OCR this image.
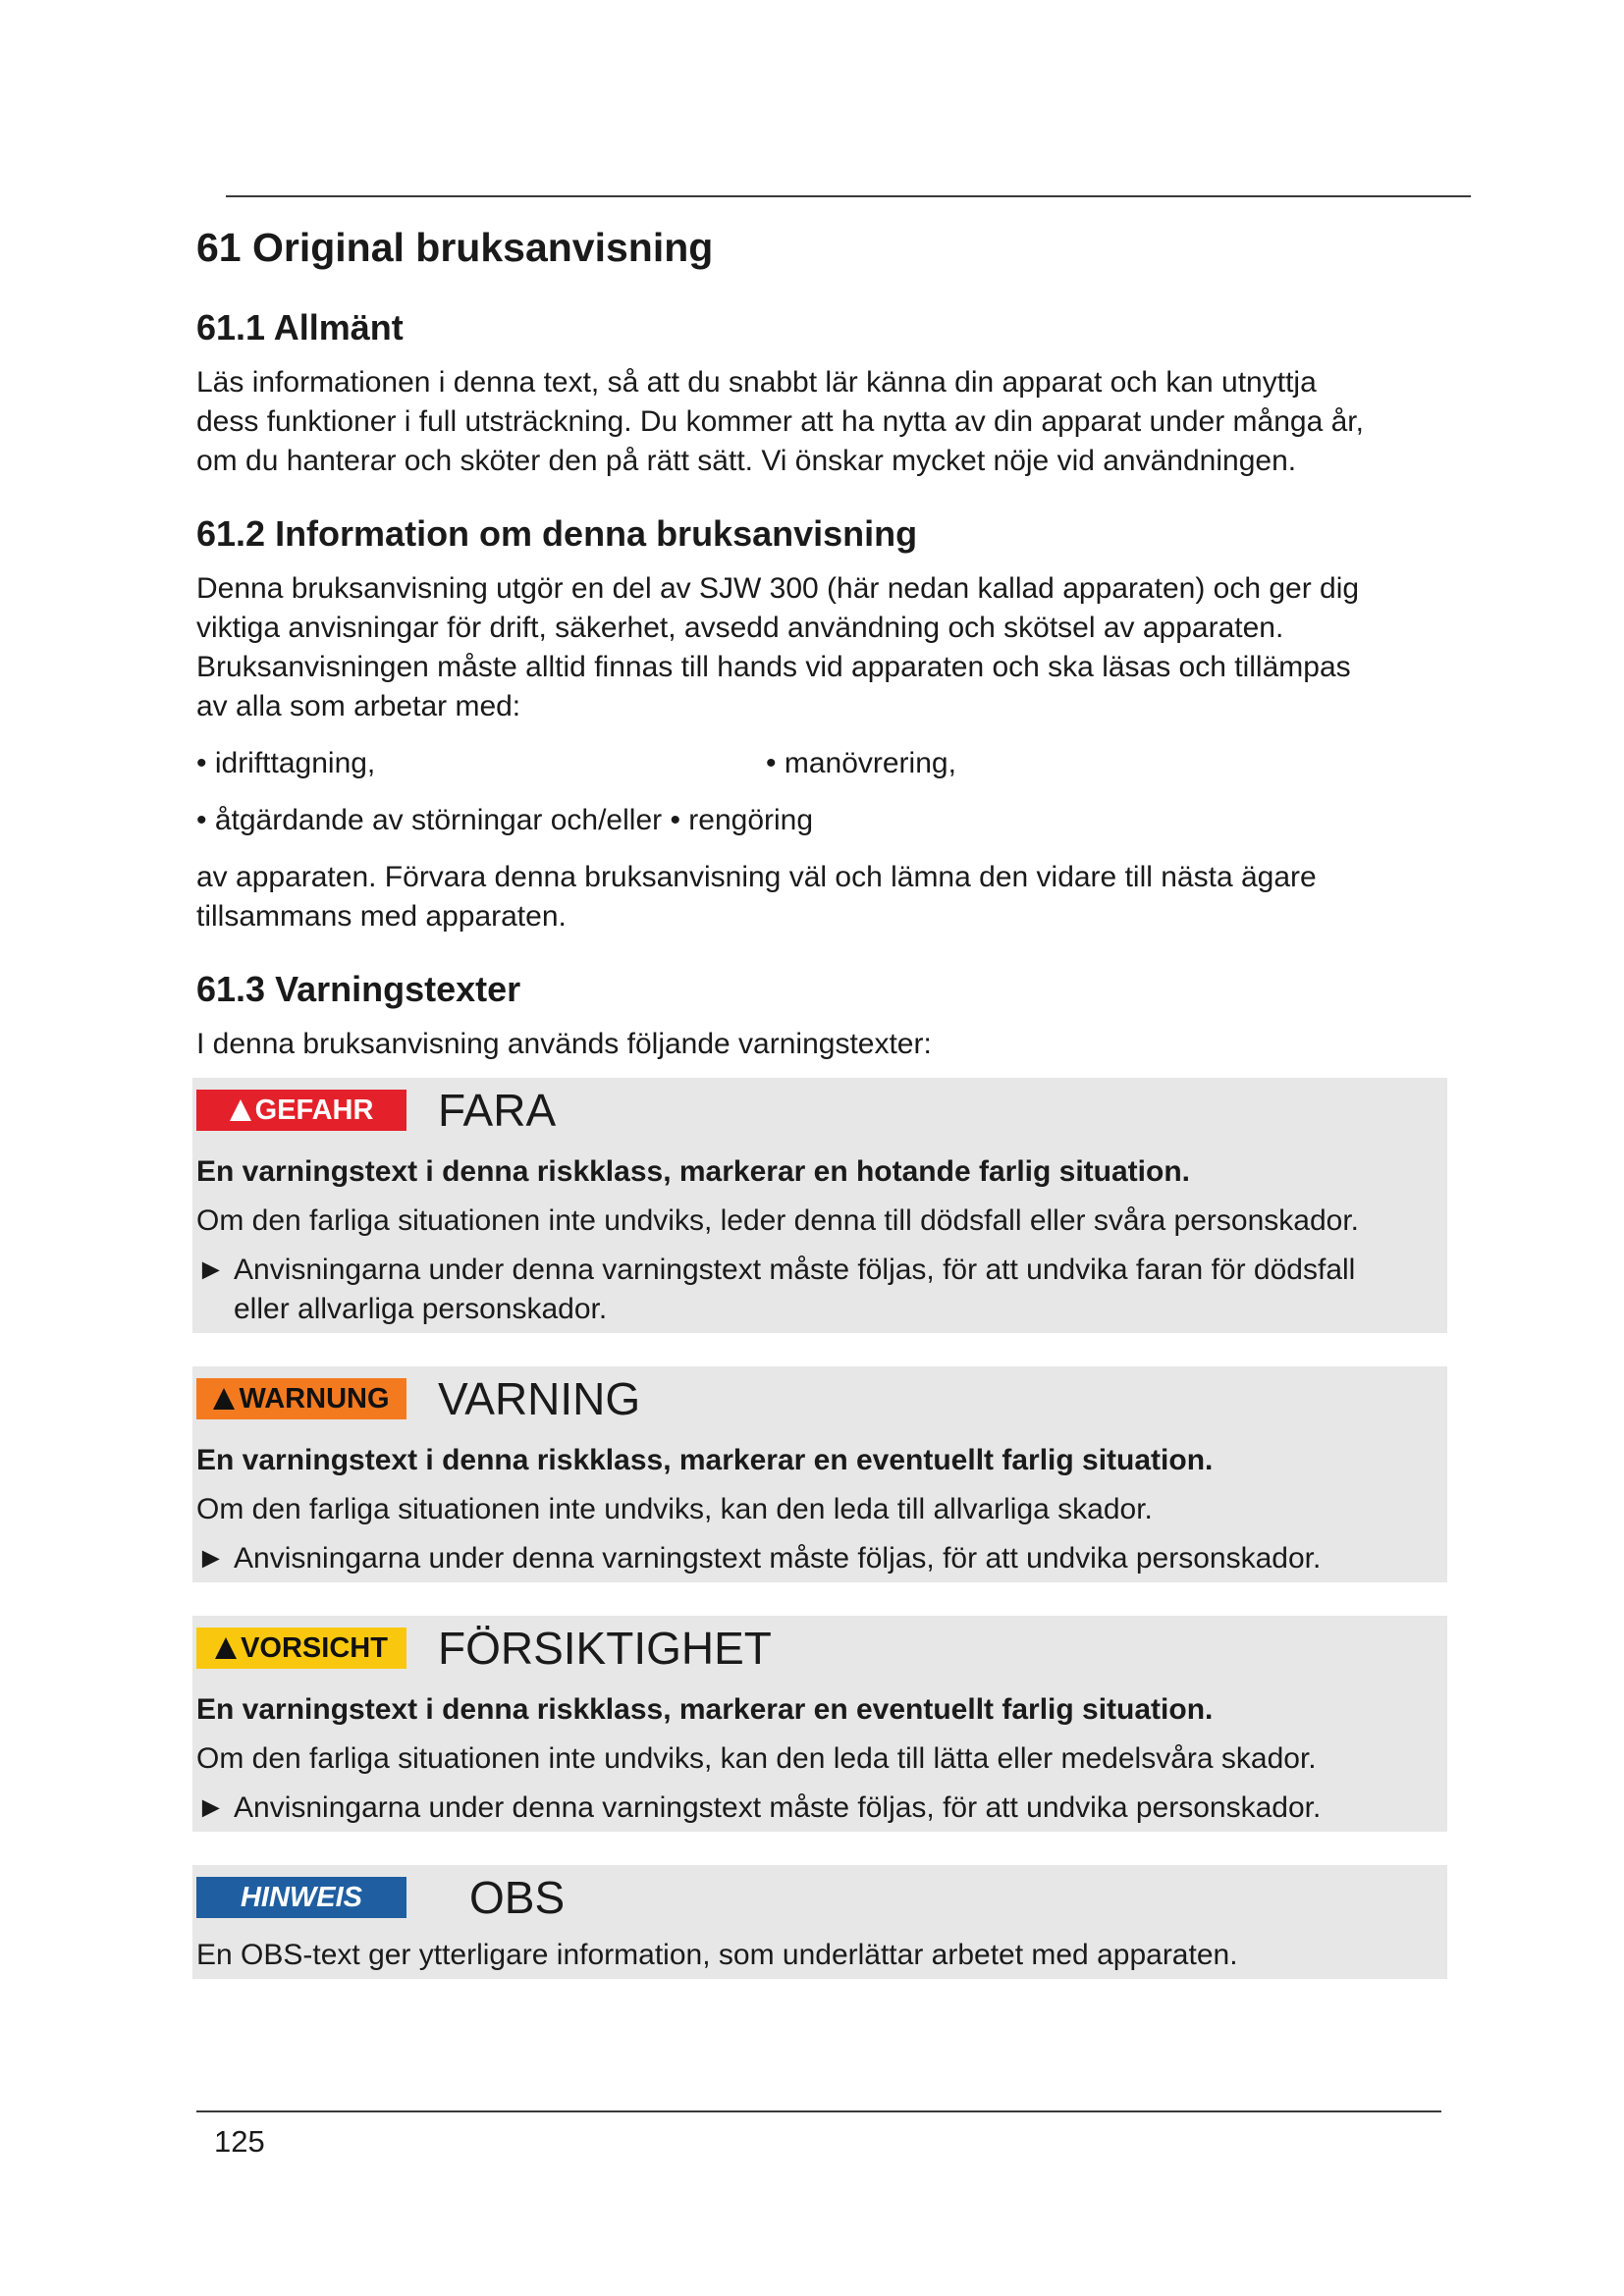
61 Original bruksanvisning
61.1 Allmänt

Läs informationen i denna text, så att du snabbt lär känna din apparat och kan utnyttja

dess funktioner i full utsträckning. Du kommer att ha nytta av din apparat under många år,

om du hanterar och sköter den på rätt sätt. Vi önskar mycket nöje vid användningen.

61.2 Information om denna bruksanvisning

Denna bruksanvisning utgör en del av SJW 300 (här nedan kallad apparaten) och ger dig

viktiga anvisningar för drift, säkerhet, avsedd användning och skötsel av apparaten.

Bruksanvisningen måste alltid finnas till hands vid apparaten och ska läsas och tillämpas

av alla som arbetar med:

• idrifttagning,	• manövrering,
• åtgärdande av störningar och/eller • rengöring

av apparaten. Förvara denna bruksanvisning väl och lämna den vidare till nästa ägare

tillsammans med apparaten.

61.3 Varningstexter

I denna bruksanvisning används följande varningstexter:

GEFAHR FARA
En varningstext i denna riskklass, markerar en hotande farlig situation.
Om den farliga situationen inte undviks, leder denna till dödsfall eller svåra personskador.
► Anvisningarna under denna varningstext måste följas, för att undvika faran för dödsfall
eller allvarliga personskador.
WARNUNG VARNING
En varningstext i denna riskklass, markerar en eventuellt farlig situation.
Om den farliga situationen inte undviks, kan den leda till allvarliga skador.
► Anvisningarna under denna varningstext måste följas, för att undvika personskador.
VORSICHT FÖRSIKTIGHET
En varningstext i denna riskklass, markerar en eventuellt farlig situation.
Om den farliga situationen inte undviks, kan den leda till lätta eller medelsvåra skador.
► Anvisningarna under denna varningstext måste följas, för att undvika personskador.
HINWEIS OBS
En OBS-text ger ytterligare information, som underlättar arbetet med apparaten.
125
